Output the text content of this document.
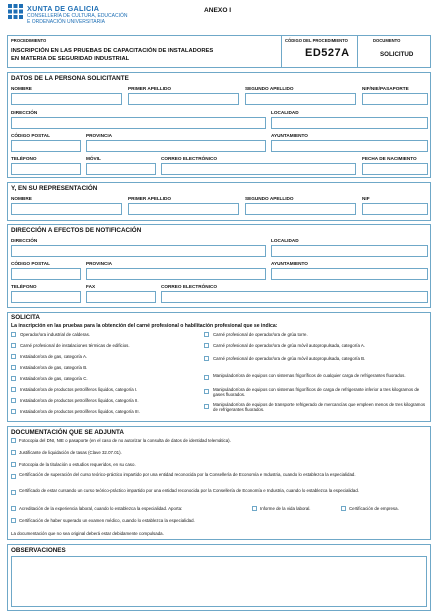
XUNTA DE GALICIA
CONSELLERÍA DE CULTURA, EDUCACIÓN
E ORDENACIÓN UNIVERSITARIA
ANEXO I
PROCEDIMIENTO
INSCRIPCIÓN EN LAS PRUEBAS DE CAPACITACIÓN DE INSTALADORES
EN MATERIA DE SEGURIDAD INDUSTRIAL
CÓDIGO DEL PROCEDIMIENTO
ED527A
DOCUMENTO
SOLICITUD
DATOS DE LA PERSONA SOLICITANTE
NOMBRE	PRIMER APELLIDO	SEGUNDO APELLIDO	NIF/NIE/PASAPORTE
DIRECCIÓN	LOCALIDAD
CÓDIGO POSTAL	PROVINCIA	AYUNTAMIENTO
TELÉFONO	MÓVIL	CORREO ELECTRÓNICO	FECHA DE NACIMIENTO
Y, EN SU REPRESENTACIÓN
NOMBRE	PRIMER APELLIDO	SEGUNDO APELLIDO	NIF
DIRECCIÓN A EFECTOS DE NOTIFICACIÓN
DIRECCIÓN	LOCALIDAD
CÓDIGO POSTAL	PROVINCIA	AYUNTAMIENTO
TELÉFONO	FAX	CORREO ELECTRÓNICO
SOLICITA
La inscripción en las pruebas para la obtención del carné profesional o habilitación profesional que se indica:
Operador/ora industrial de calderas.
Carné profesional de instalaciones térmicas de edificios.
Instalador/ora de gas, categoría A.
Instalador/ora de gas, categoría B.
Instalador/ora de gas, categoría C.
Instalador/ora de productos petrolíferos líquidos, categoría I.
Instalador/ora de productos petrolíferos líquidos, categoría II.
Instalador/ora de productos petrolíferos líquidos, categoría III.
Carné profesional de operador/ora de grúa torre.
Carné profesional de operador/ora de grúa móvil autopropulsada, categoría A.
Carné profesional de operador/ora de grúa móvil autopropulsada, categoría B.
Manipulador/ora de equipos con sistemas frigoríficos de cualquier carga de refrigerantes fluorados.
Manipulador/ora de equipos con sistemas frigoríficos de carga de refrigerante inferior a tres kilogramos de gases fluorados.
Manipulador/ora de equipos de transporte refrigerado de mercancías que empleen menos de tres kilogramos de refrigerantes fluorados.
DOCUMENTACIÓN QUE SE ADJUNTA
Fotocopia del DNI, NIE o pasaporte (en el caso de no autorizar la consulta de datos de identidad telemática).
Justificante de liquidación de tasas (Clave 32.07.01).
Fotocopia de la titulación o estudios requeridos, en su caso.
Certificación de superación del curso teórico-práctico impartido por una entidad reconocida por la Consellería de Economía e Industria, cuando lo establezca la especialidad.
Certificado de estar cursando un curso teórico-práctico impartido por una entidad reconocida por la Consellería de Economía e Industria, cuando lo establezca la especialidad.
Acreditación de la experiencia laboral, cuando lo establezca la especialidad. Aporta:	Informe de la vida laboral.	Certificación de empresa.
Certificación de haber superado un examen médico, cuando lo establezca la especialidad.
La documentación que no sea original deberá estar debidamente compulsada.
OBSERVACIONES
